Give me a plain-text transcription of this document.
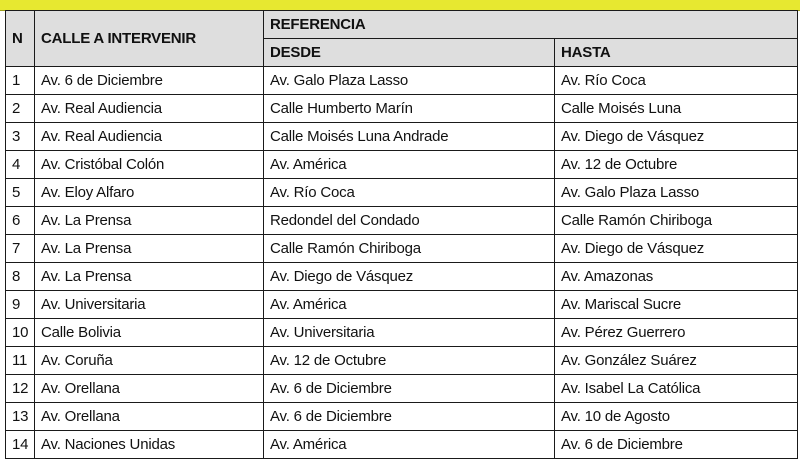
N	CALLE A INTERVENIR	REFERENCIA	
		DESDE	HASTA
1	Av. 6 de Diciembre	Av. Galo Plaza Lasso	Av. Río Coca
2	Av. Real Audiencia	Calle Humberto Marín	Calle Moisés Luna
3	Av. Real Audiencia	Calle Moisés Luna Andrade	Av. Diego de Vásquez
4	Av. Cristóbal Colón	Av. América	Av. 12 de Octubre
5	Av. Eloy Alfaro	Av. Río Coca	Av. Galo Plaza Lasso
6	Av. La Prensa	Redondel del Condado	Calle Ramón Chiriboga
7	Av. La Prensa	Calle Ramón Chiriboga	Av. Diego de Vásquez
8	Av. La Prensa	Av. Diego de Vásquez	Av. Amazonas
9	Av. Universitaria	Av. América	Av. Mariscal Sucre
10	Calle Bolivia	Av. Universitaria	Av. Pérez Guerrero
11	Av. Coruña	Av. 12 de Octubre	Av. González Suárez
12	Av. Orellana	Av. 6 de Diciembre	Av. Isabel La Católica
13	Av. Orellana	Av. 6 de Diciembre	Av. 10 de Agosto
14	Av. Naciones Unidas	Av. América	Av. 6 de Diciembre
